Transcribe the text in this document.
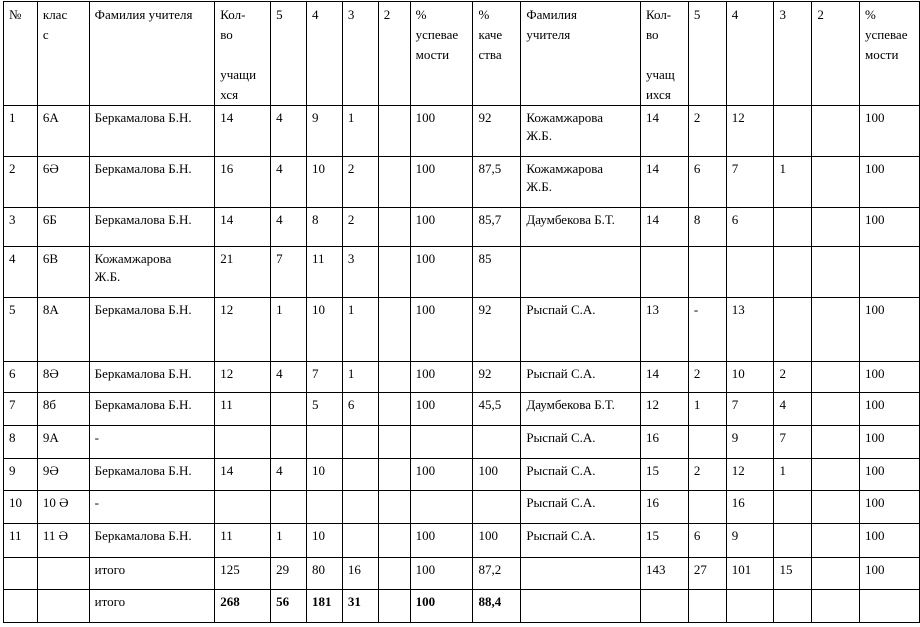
№	клас
с	Фамилия учителя	Кол-
во

учащи
хся	5	4	3	2	%
успевае
мости	%
каче
ства	Фамилия
учителя	Кол-
во

учащ
ихся	5	4	3	2	%
успевае
мости
1	6А	Беркамалова Б.Н.	14	4	9	1		100	92	Кожамжарова
Ж.Б.	14	2	12			100
2	6Ә	Беркамалова Б.Н.	16	4	10	2		100	87,5	Кожамжарова
Ж.Б.	14	6	7	1		100
3	6Б	Беркамалова Б.Н.	14	4	8	2		100	85,7	Даумбекова Б.Т.	14	8	6			100
4	6В	Кожамжарова
Ж.Б.	21	7	11	3		100	85							
5	8А	Беркамалова Б.Н.	12	1	10	1		100	92	Рыспай С.А.	13	-	13			100
6	8Ә	Беркамалова Б.Н.	12	4	7	1		100	92	Рыспай С.А.	14	2	10	2		100
7	8б	Беркамалова Б.Н.	11		5	6		100	45,5	Даумбекова Б.Т.	12	1	7	4		100
8	9А	-								Рыспай С.А.	16		9	7		100
9	9Ә	Беркамалова Б.Н.	14	4	10			100	100	Рыспай С.А.	15	2	12	1		100
10	10 Ә	-								Рыспай С.А.	16		16			100
11	11 Ә	Беркамалова Б.Н.	11	1	10			100	100	Рыспай С.А.	15	6	9			100
		итого	125	29	80	16		100	87,2		143	27	101	15		100
		итого	268	56	181	31		100	88,4							
